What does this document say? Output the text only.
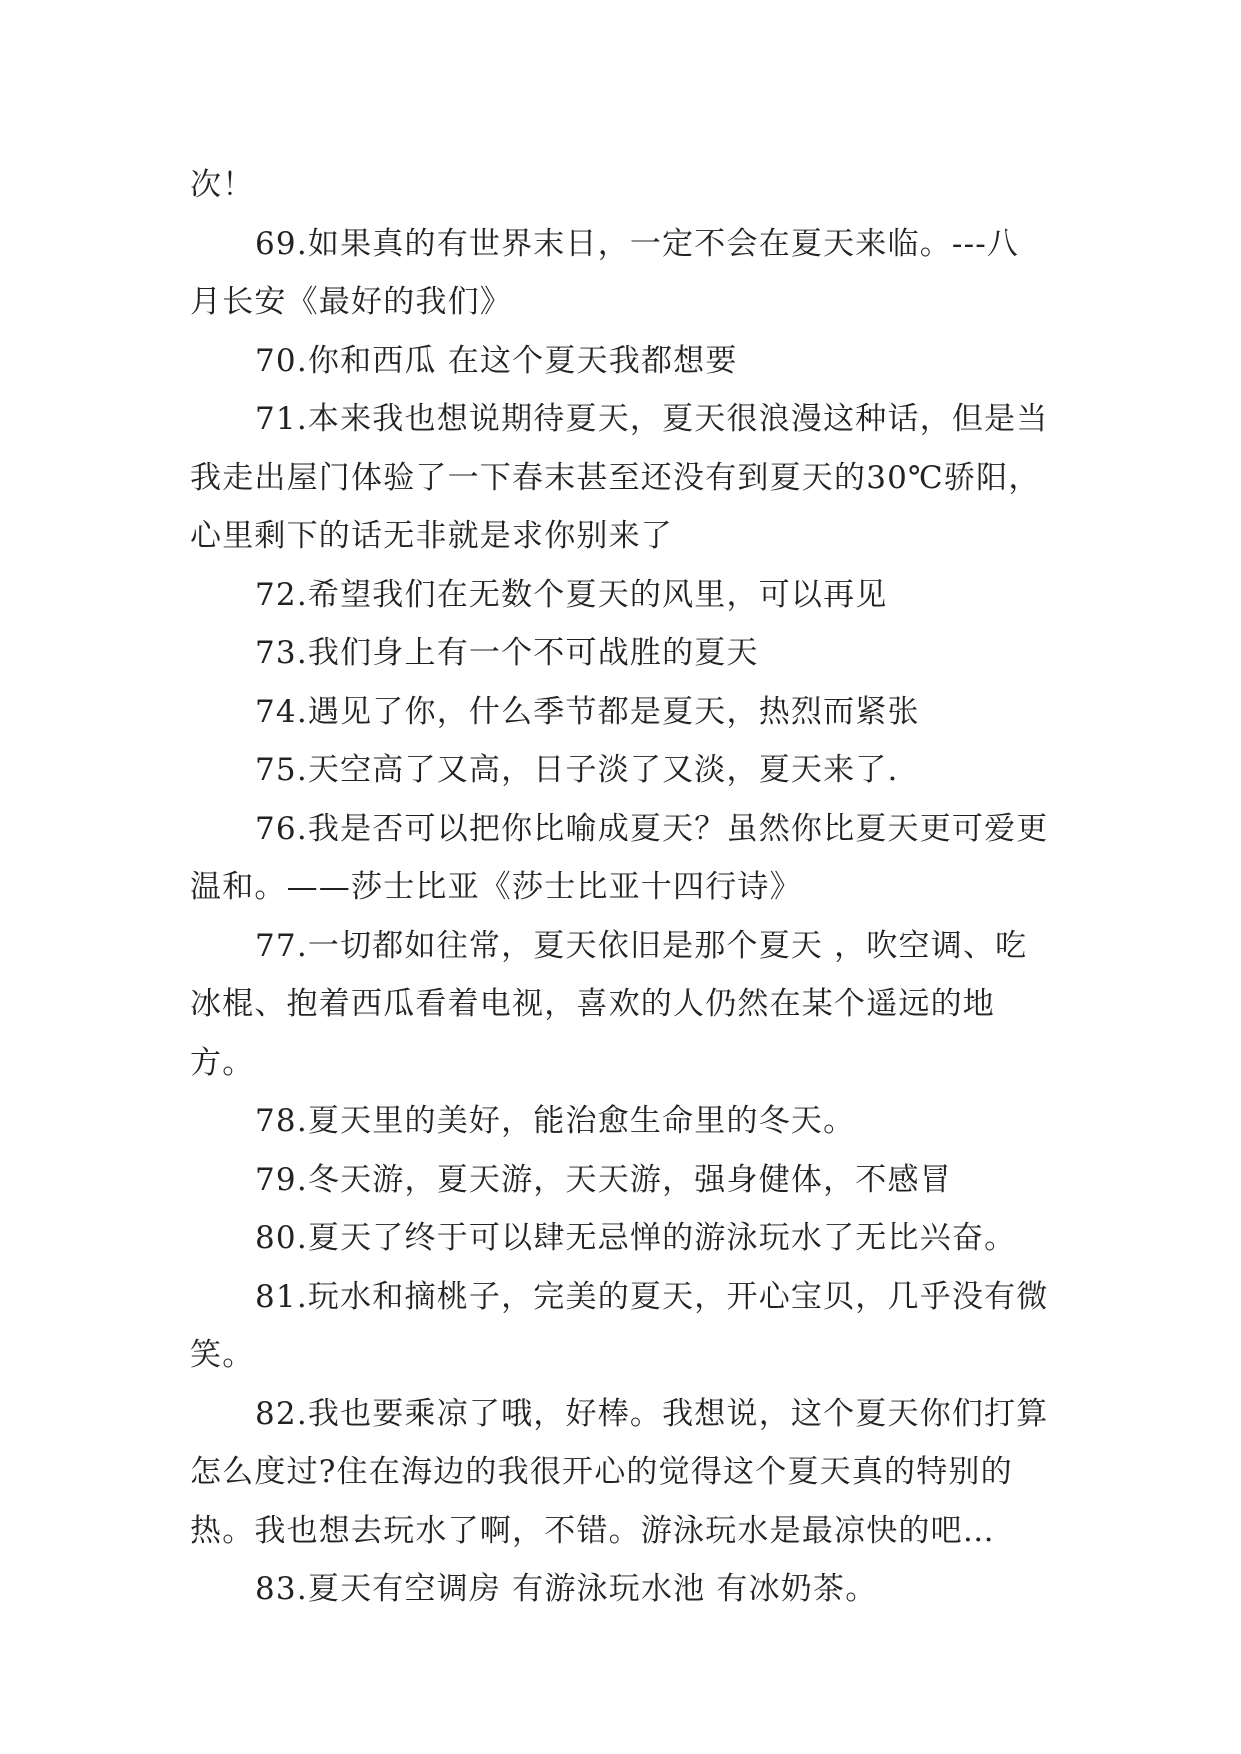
次！

69.如果真的有世界末日，一定不会在夏天来临。---八月长安《最好的我们》

70.你和西瓜 在这个夏天我都想要

71.本来我也想说期待夏天，夏天很浪漫这种话，但是当我走出屋门体验了一下春末甚至还没有到夏天的30℃骄阳，心里剩下的话无非就是求你别来了

72.希望我们在无数个夏天的风里，可以再见

73.我们身上有一个不可战胜的夏天

74.遇见了你，什么季节都是夏天，热烈而紧张

75.天空高了又高，日子淡了又淡，夏天来了.

76.我是否可以把你比喻成夏天？虽然你比夏天更可爱更温和。——莎士比亚《莎士比亚十四行诗》

77.一切都如往常，夏天依旧是那个夏天 ，吹空调、吃冰棍、抱着西瓜看着电视，喜欢的人仍然在某个遥远的地方。

78.夏天里的美好，能治愈生命里的冬天。

79.冬天游，夏天游，天天游，强身健体，不感冒

80.夏天了终于可以肆无忌惮的游泳玩水了无比兴奋。

81.玩水和摘桃子，完美的夏天，开心宝贝，几乎没有微笑。

82.我也要乘凉了哦，好棒。我想说，这个夏天你们打算怎么度过?住在海边的我很开心的觉得这个夏天真的特别的热。我也想去玩水了啊，不错。游泳玩水是最凉快的吧…

83.夏天有空调房 有游泳玩水池 有冰奶茶。
